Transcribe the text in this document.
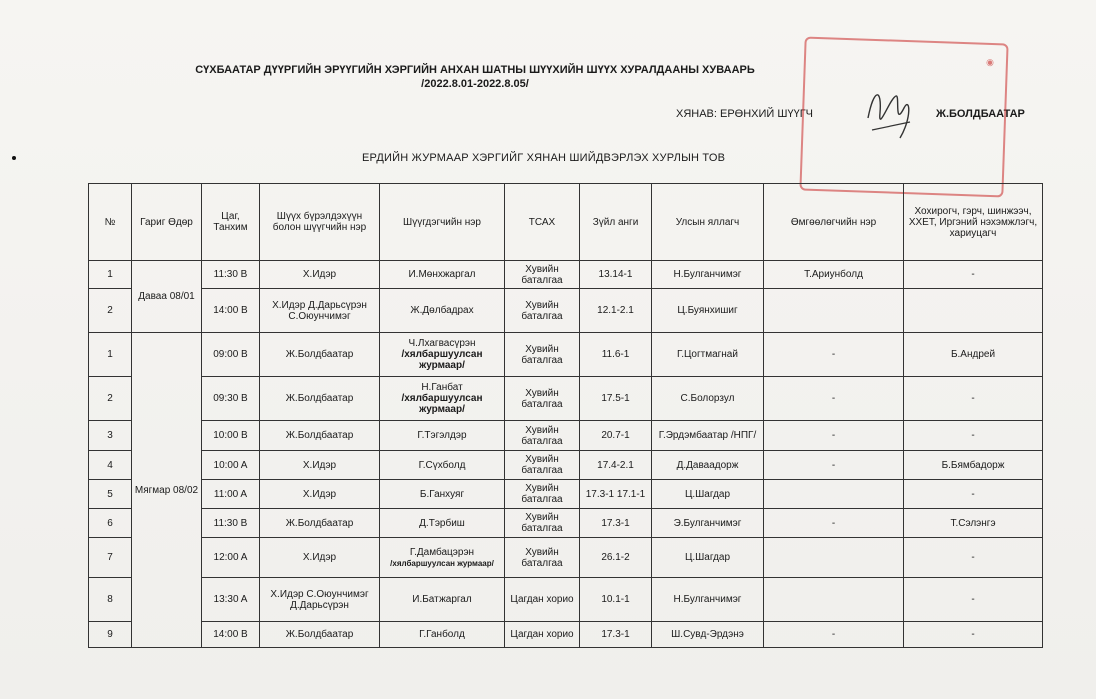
СҮХБААТАР ДҮҮРГИЙН ЭРҮҮГИЙН ХЭРГИЙН АНХАН ШАТНЫ ШҮҮХИЙН ШҮҮХ ХУРАЛДААНЫ ХУВААРЬ
/2022.8.01-2022.8.05/
ХЯНАВ: ЕРӨНХИЙ ШҮҮГЧ	Ж.БОЛДБААТАР
ЕРДИЙН ЖУРМААР ХЭРГИЙГ ХЯНАН ШИЙДВЭРЛЭХ ХУРЛЫН ТОВ
◉
№	Гариг Өдөр	Цаг, Танхим	Шүүх бүрэлдэхүүн болон шүүгчийн нэр	Шүүгдэгчийн нэр	ТСАХ	Зүйл анги	Улсын яллагч	Өмгөөлөгчийн нэр	Хохирогч, гэрч, шинжээч, ХХЕТ, Иргэний нэхэмжлэгч, хариуцагч
1	Даваа 08/01	11:30 B	Х.Идэр	И.Мөнхжаргал	Хувийн баталгаа	13.14-1	Н.Булганчимэг	Т.Ариунболд	-
2		14:00 B	Х.Идэр Д.Дарьсүрэн С.Оюунчимэг	Ж.Дөлбадрах	Хувийн баталгаа	12.1-2.1	Ц.Буянхишиг		
1	Мягмар 08/02	09:00 B	Ж.Болдбаатар	Ч.Лхагвасүрэн
/хялбаршуулсан журмаар/	Хувийн баталгаа	11.6-1	Г.Цогтмагнай	-	Б.Андрей
2		09:30 B	Ж.Болдбаатар	Н.Ганбат
/хялбаршуулсан журмаар/	Хувийн баталгаа	17.5-1	С.Болорзул	-	-
3		10:00 B	Ж.Болдбаатар	Г.Тэгэлдэр	Хувийн баталгаа	20.7-1	Г.Эрдэмбаатар /НПГ/	-	-
4		10:00 A	Х.Идэр	Г.Сүхболд	Хувийн баталгаа	17.4-2.1	Д.Даваадорж	-	Б.Бямбадорж
5		11:00 A	Х.Идэр	Б.Ганхуяг	Хувийн баталгаа	17.3-1 17.1-1	Ц.Шагдар		-
6		11:30 B	Ж.Болдбаатар	Д.Тэрбиш	Хувийн баталгаа	17.3-1	Э.Булганчимэг	-	Т.Сэлэнгэ
7		12:00 A	Х.Идэр	Г.Дамбацэрэн
/хялбаршуулсан журмаар/	Хувийн баталгаа	26.1-2	Ц.Шагдар		-
8		13:30 A	Х.Идэр С.Оюунчимэг Д.Дарьсүрэн	И.Батжаргал	Цагдан хорио	10.1-1	Н.Булганчимэг		-
9		14:00 B	Ж.Болдбаатар	Г.Ганболд	Цагдан хорио	17.3-1	Ш.Сувд-Эрдэнэ	-	-
